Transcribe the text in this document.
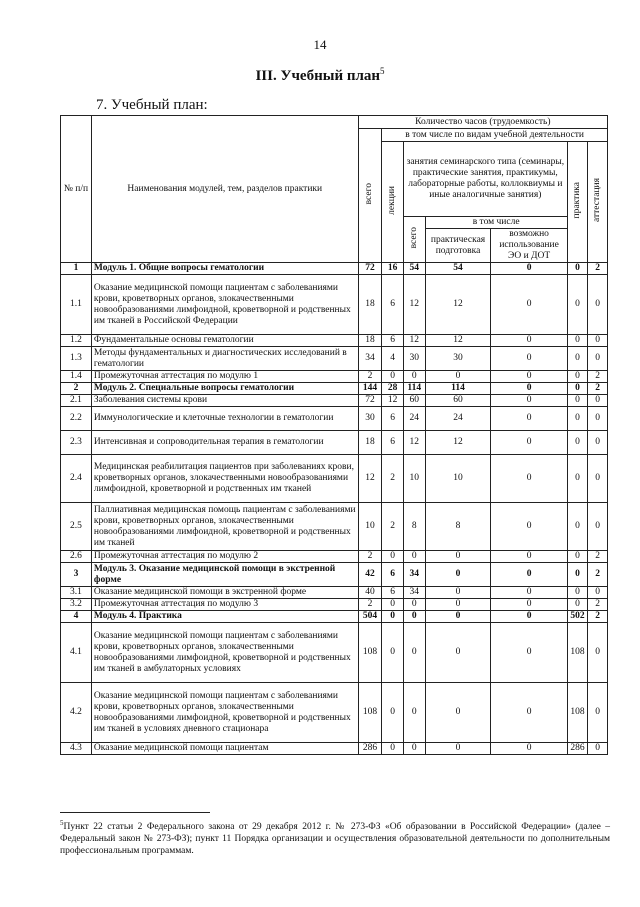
14
III. Учебный план$^5$
7. Учебный план:
№ п/п	Наименования модулей, тем, разделов практики	Количество часов (трудоемкость)						
		всего	в том числе по видам учебной деятельности					
			лекции	занятия семинарского типа (семинары, практические занятия, практикумы, лабораторные работы, коллоквиумы и иные аналогичные занятия)			практика	аттестация
				всего	в том числе			
					практическая подготовка	возможно использование ЭО и ДОТ		
1	Модуль 1. Общие вопросы гематологии	72	16	54	54	0	0	2
1.1	Оказание медицинской помощи пациентам с заболеваниями крови, кроветворных органов, злокачественными новообразованиями лимфоидной, кроветворной и родственных им тканей в Российской Федерации	18	6	12	12	0	0	0
1.2	Фундаментальные основы гематологии	18	6	12	12	0	0	0
1.3	Методы фундаментальных и диагностических исследований в гематологии	34	4	30	30	0	0	0
1.4	Промежуточная аттестация по модулю 1	2	0	0	0	0	0	2
2	Модуль 2. Специальные вопросы гематологии	144	28	114	114	0	0	2
2.1	Заболевания системы крови	72	12	60	60	0	0	0
2.2	Иммунологические и клеточные технологии в гематологии	30	6	24	24	0	0	0
2.3	Интенсивная и сопроводительная терапия в гематологии	18	6	12	12	0	0	0
2.4	Медицинская реабилитация пациентов при заболеваниях крови, кроветворных органов, злокачественными новообразованиями лимфоидной, кроветворной и родственных им тканей	12	2	10	10	0	0	0
2.5	Паллиативная медицинская помощь пациентам с заболеваниями крови, кроветворных органов, злокачественными новообразованиями лимфоидной, кроветворной и родственных им тканей	10	2	8	8	0	0	0
2.6	Промежуточная аттестация по модулю 2	2	0	0	0	0	0	2
3	Модуль 3. Оказание медицинской помощи в экстренной форме	42	6	34	0	0	0	2
3.1	Оказание медицинской помощи в экстренной форме	40	6	34	0	0	0	0
3.2	Промежуточная аттестация по модулю 3	2	0	0	0	0	0	2
4	Модуль 4. Практика	504	0	0	0	0	502	2
4.1	Оказание медицинской помощи пациентам с заболеваниями крови, кроветворных органов, злокачественными новообразованиями лимфоидной, кроветворной и родственных им тканей в амбулаторных условиях	108	0	0	0	0	108	0
4.2	Оказание медицинской помощи пациентам с заболеваниями крови, кроветворных органов, злокачественными новообразованиями лимфоидной, кроветворной и родственных им тканей в условиях дневного стационара	108	0	0	0	0	108	0
4.3	Оказание медицинской помощи пациентам	286	0	0	0	0	286	0
$^5$Пункт 22 статьи 2 Федерального закона от 29 декабря 2012 г. № 273-ФЗ «Об образовании в Российской Федерации» (далее – Федеральный закон № 273-ФЗ); пункт 11 Порядка организации и осуществления образовательной деятельности по дополнительным профессиональным программам.
